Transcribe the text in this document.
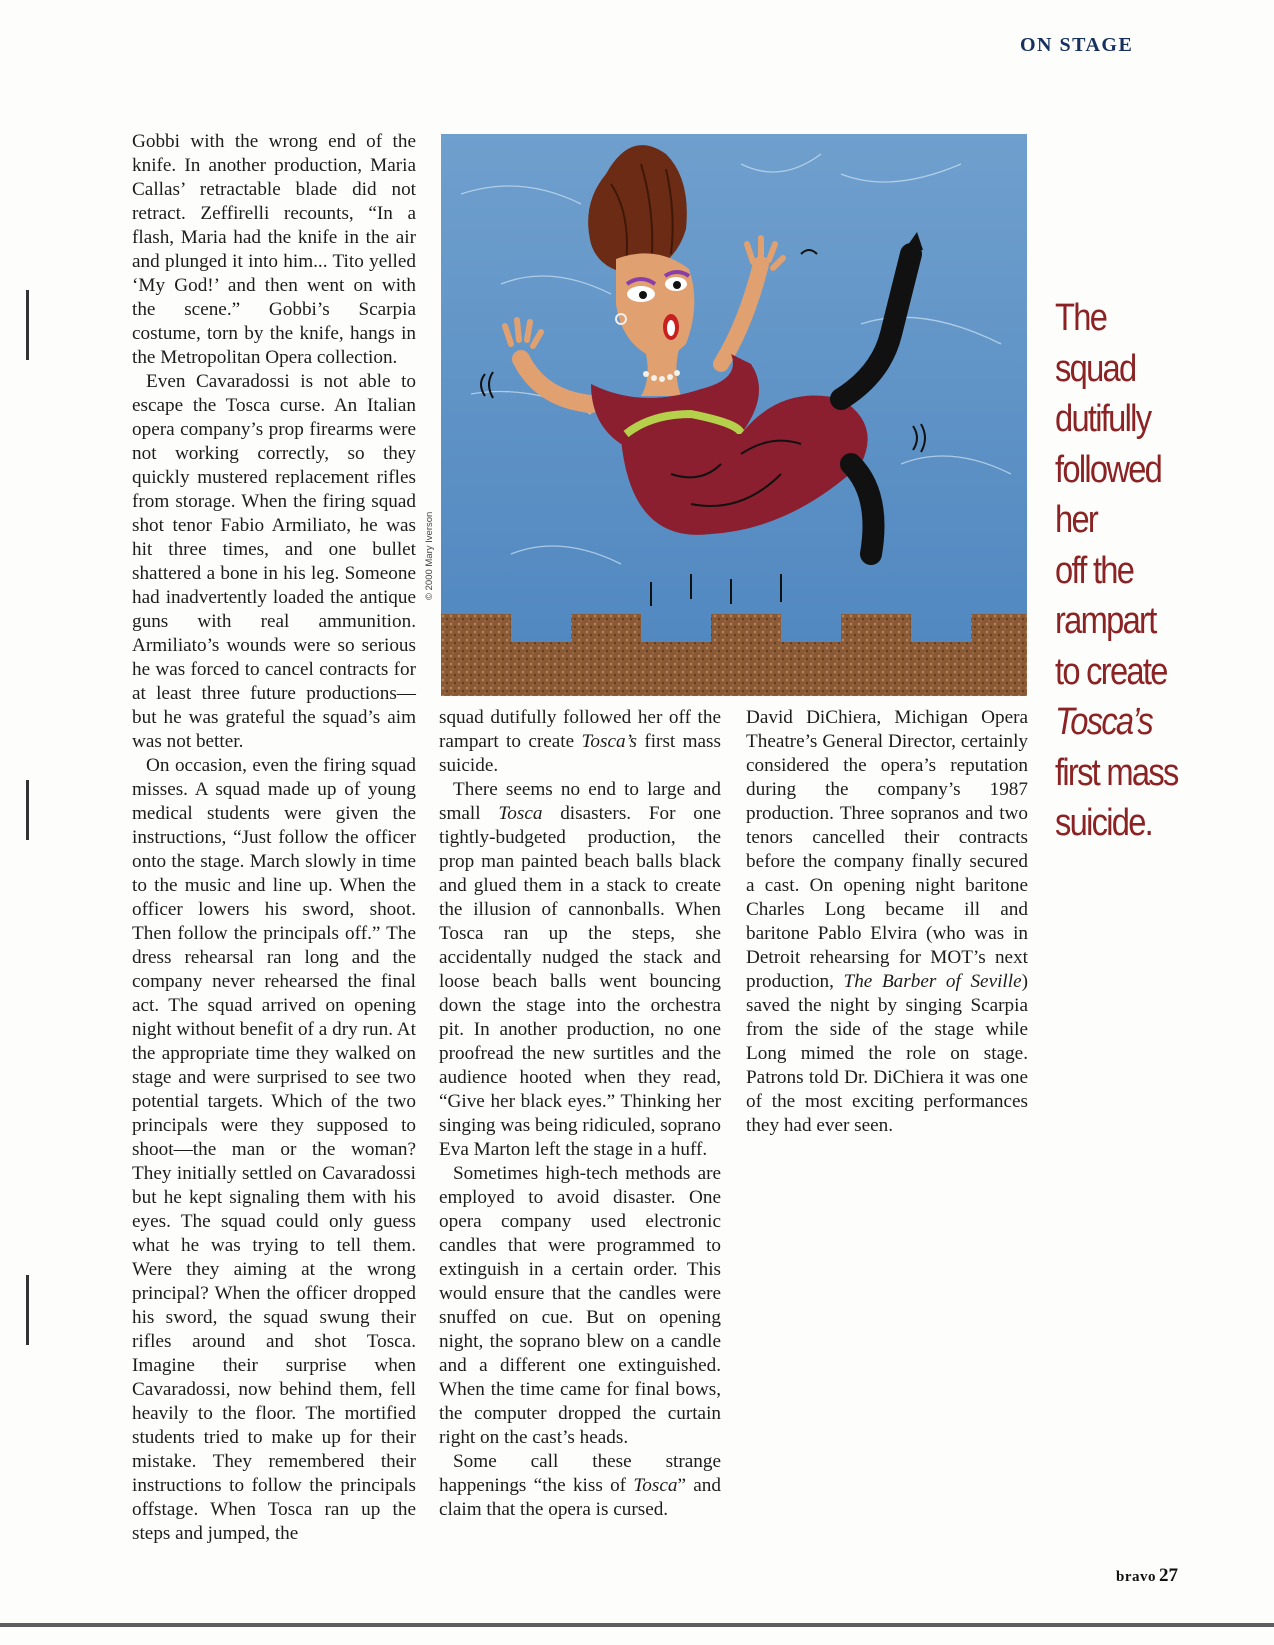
ON STAGE

Gobbi with the wrong end of the knife. In another production, Maria Callas’ retractable blade did not retract. Zeffirelli recounts, “In a flash, Maria had the knife in the air and plunged it into him... Tito yelled ‘My God!’ and then went on with the scene.” Gobbi’s Scarpia costume, torn by the knife, hangs in the Metropolitan Opera collection.

Even Cavaradossi is not able to escape the Tosca curse. An Italian opera company’s prop firearms were not working correctly, so they quickly mustered replacement rifles from storage. When the firing squad shot tenor Fabio Armiliato, he was hit three times, and one bullet shattered a bone in his leg. Someone had inadvertently loaded the antique guns with real ammunition. Armiliato’s wounds were so serious he was forced to cancel contracts for at least three future productions—but he was grateful the squad’s aim was not better.

On occasion, even the firing squad misses. A squad made up of young medical students were given the instructions, “Just follow the officer onto the stage. March slowly in time to the music and line up. When the officer lowers his sword, shoot. Then follow the principals off.” The dress rehearsal ran long and the company never rehearsed the final act. The squad arrived on opening night without benefit of a dry run. At the appropriate time they walked on stage and were surprised to see two potential targets. Which of the two principals were they supposed to shoot—the man or the woman? They initially settled on Cavaradossi but he kept signaling them with his eyes. The squad could only guess what he was trying to tell them. Were they aiming at the wrong principal? When the officer dropped his sword, the squad swung their rifles around and shot Tosca. Imagine their surprise when Cavaradossi, now behind them, fell heavily to the floor. The mortified students tried to make up for their mistake. They remembered their instructions to follow the principals offstage. When Tosca ran up the steps and jumped, the

© 2000 Mary Iverson

squad dutifully followed her off the rampart to create Tosca’s first mass suicide.

There seems no end to large and small Tosca disasters. For one tightly-budgeted production, the prop man painted beach balls black and glued them in a stack to create the illusion of cannonballs. When Tosca ran up the steps, she accidentally nudged the stack and loose beach balls went bouncing down the stage into the orchestra pit. In another production, no one proofread the new surtitles and the audience hooted when they read, “Give her black eyes.” Thinking her singing was being ridiculed, soprano Eva Marton left the stage in a huff.

Sometimes high-tech methods are employed to avoid disaster. One opera company used electronic candles that were programmed to extinguish in a certain order. This would ensure that the candles were snuffed on cue. But on opening night, the soprano blew on a candle and a different one extinguished. When the time came for final bows, the computer dropped the curtain right on the cast’s heads.

Some call these strange happenings “the kiss of Tosca” and claim that the opera is cursed.

David DiChiera, Michigan Opera Theatre’s General Director, certainly considered the opera’s reputation during the company’s 1987 production. Three sopranos and two tenors cancelled their contracts before the company finally secured a cast. On opening night baritone Charles Long became ill and baritone Pablo Elvira (who was in Detroit rehearsing for MOT’s next production, The Barber of Seville) saved the night by singing Scarpia from the side of the stage while Long mimed the role on stage. Patrons told Dr. DiChiera it was one of the most exciting performances they had ever seen.

The
squad
dutifully
followed
her
off the
rampart
to create
Tosca’s
first mass
suicide.
bravo 27
